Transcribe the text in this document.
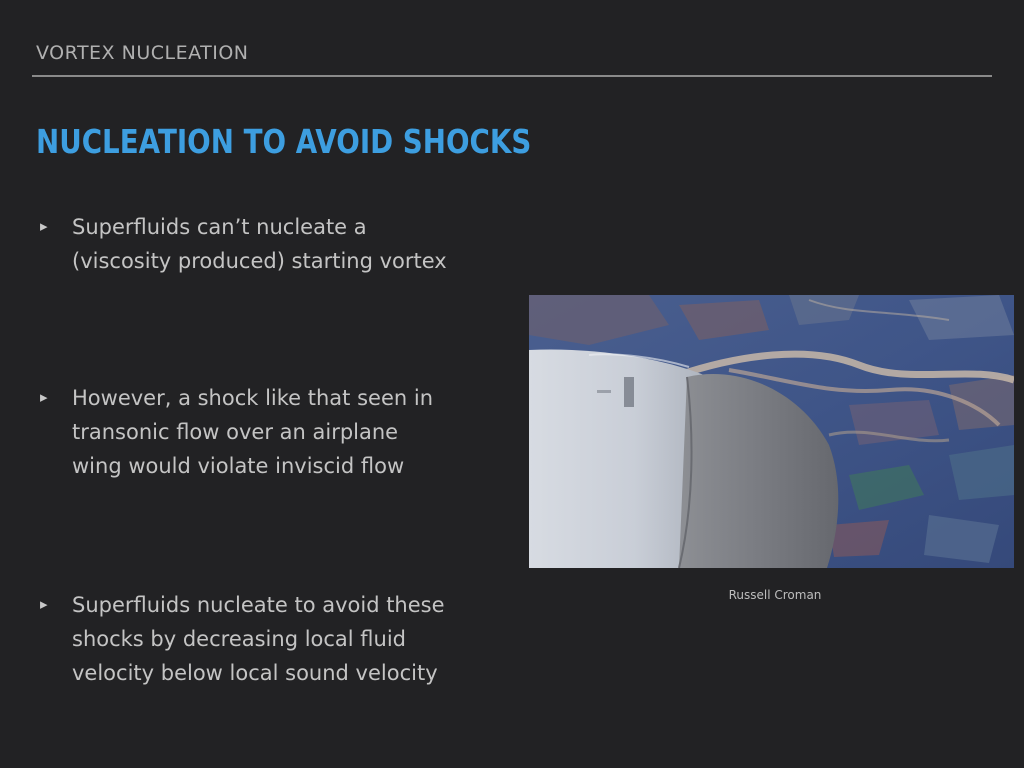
VORTEX NUCLEATION
NUCLEATION TO AVOID SHOCKS
▸	Superfluids can’t nucleate a
(viscosity produced) starting vortex
▸	However, a shock like that seen in
transonic flow over an airplane
wing would violate inviscid flow
▸	Superfluids nucleate to avoid these
shocks by decreasing local fluid
velocity below local sound velocity
Russell Croman
